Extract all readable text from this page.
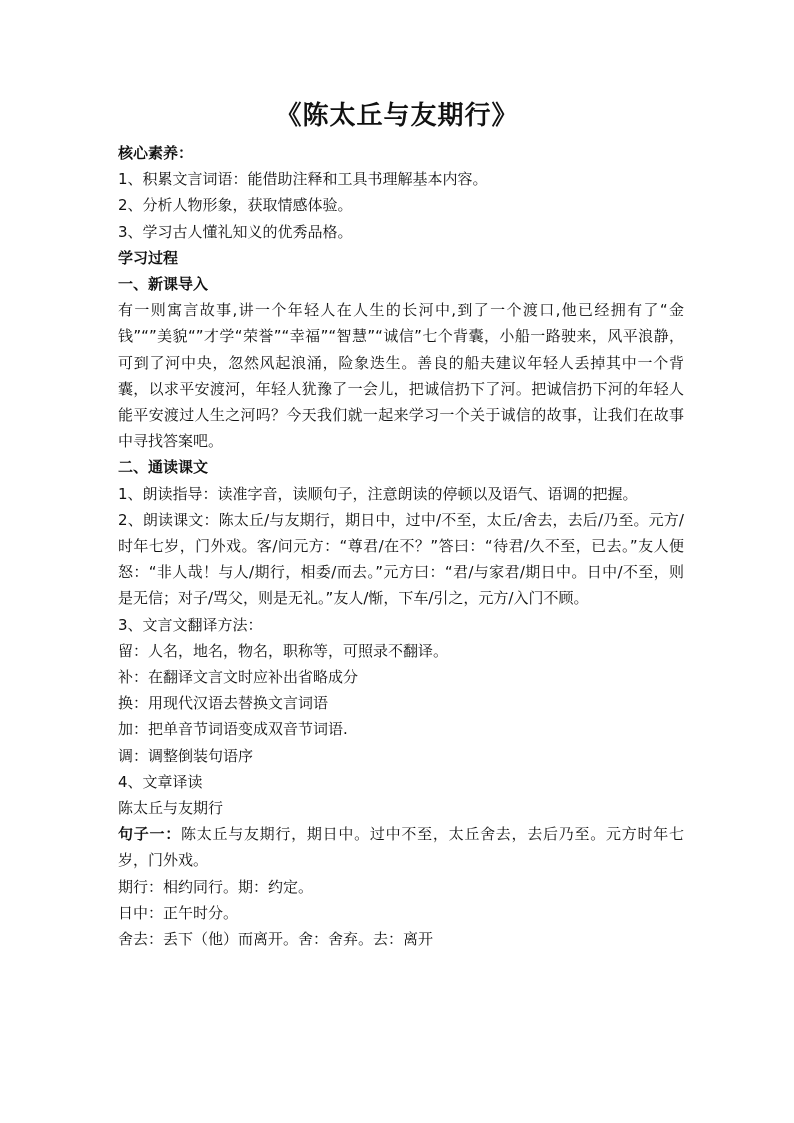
《陈太丘与友期行》
核心素养：
1、积累文言词语：能借助注释和工具书理解基本内容。
2、分析人物形象，获取情感体验。
3、学习古人懂礼知义的优秀品格。
学习过程
一、新课导入
有一则寓言故事,讲一个年轻人在人生的长河中,到了一个渡口,他已经拥有了“金钱”“”美貌“”才学“荣誉”“幸福”“智慧”“诚信”七个背囊，小船一路驶来，风平浪静，可到了河中央，忽然风起浪涌，险象迭生。善良的船夫建议年轻人丢掉其中一个背囊，以求平安渡河，年轻人犹豫了一会儿，把诚信扔下了河。把诚信扔下河的年轻人能平安渡过人生之河吗？今天我们就一起来学习一个关于诚信的故事，让我们在故事中寻找答案吧。
二、通读课文
1、朗读指导：读准字音，读顺句子，注意朗读的停顿以及语气、语调的把握。
2、朗读课文：陈太丘/与友期行，期日中，过中/不至，太丘/舍去，去后/乃至。元方/时年七岁，门外戏。客/问元方：“尊君/在不？”答曰：“待君/久不至，已去。”友人便怒：“非人哉！与人/期行，相委/而去。”元方曰：“君/与家君/期日中。日中/不至，则是无信；对子/骂父，则是无礼。”友人/惭，下车/引之，元方/入门不顾。
3、文言文翻译方法：
留：人名，地名，物名，职称等，可照录不翻译。
补：在翻译文言文时应补出省略成分
换：用现代汉语去替换文言词语
加：把单音节词语变成双音节词语.
调：调整倒装句语序
4、文章译读
陈太丘与友期行
句子一：陈太丘与友期行，期日中。过中不至，太丘舍去，去后乃至。元方时年七岁，门外戏。
期行：相约同行。期：约定。
日中：正午时分。
舍去：丢下（他）而离开。舍：舍弃。去：离开
